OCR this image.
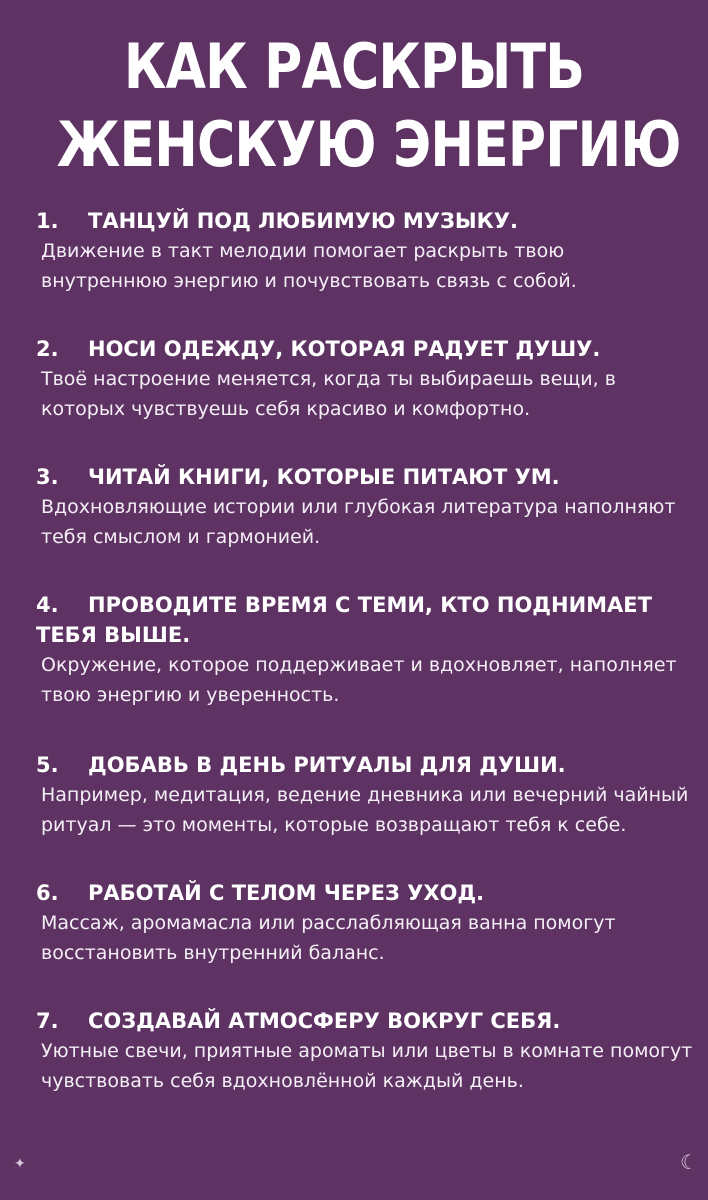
КАК РАСКРЫТЬ
ЖЕНСКУЮ ЭНЕРГИЮ
1. ТАНЦУЙ ПОД ЛЮБИМУЮ МУЗЫКУ.

Движение в такт мелодии помогает раскрыть твою внутреннюю энергию и почувствовать связь с собой.

2. НОСИ ОДЕЖДУ, КОТОРАЯ РАДУЕТ ДУШУ.

Твоё настроение меняется, когда ты выбираешь вещи, в которых чувствуешь себя красиво и комфортно.

3. ЧИТАЙ КНИГИ, КОТОРЫЕ ПИТАЮТ УМ.

Вдохновляющие истории или глубокая литература наполняют тебя смыслом и гармонией.

4. ПРОВОДИТЕ ВРЕМЯ С ТЕМИ, КТО ПОДНИМАЕТ ТЕБЯ ВЫШЕ.

Окружение, которое поддерживает и вдохновляет, наполняет твою энергию и уверенность.

5. ДОБАВЬ В ДЕНЬ РИТУАЛЫ ДЛЯ ДУШИ.

Например, медитация, ведение дневника или вечерний чайный ритуал — это моменты, которые возвращают тебя к себе.

6. РАБОТАЙ С ТЕЛОМ ЧЕРЕЗ УХОД.

Массаж, аромамасла или расслабляющая ванна помогут восстановить внутренний баланс.

7. СОЗДАВАЙ АТМОСФЕРУ ВОКРУГ СЕБЯ.

Уютные свечи, приятные ароматы или цветы в комнате помогут чувствовать себя вдохновлённой каждый день.

✦	☾
